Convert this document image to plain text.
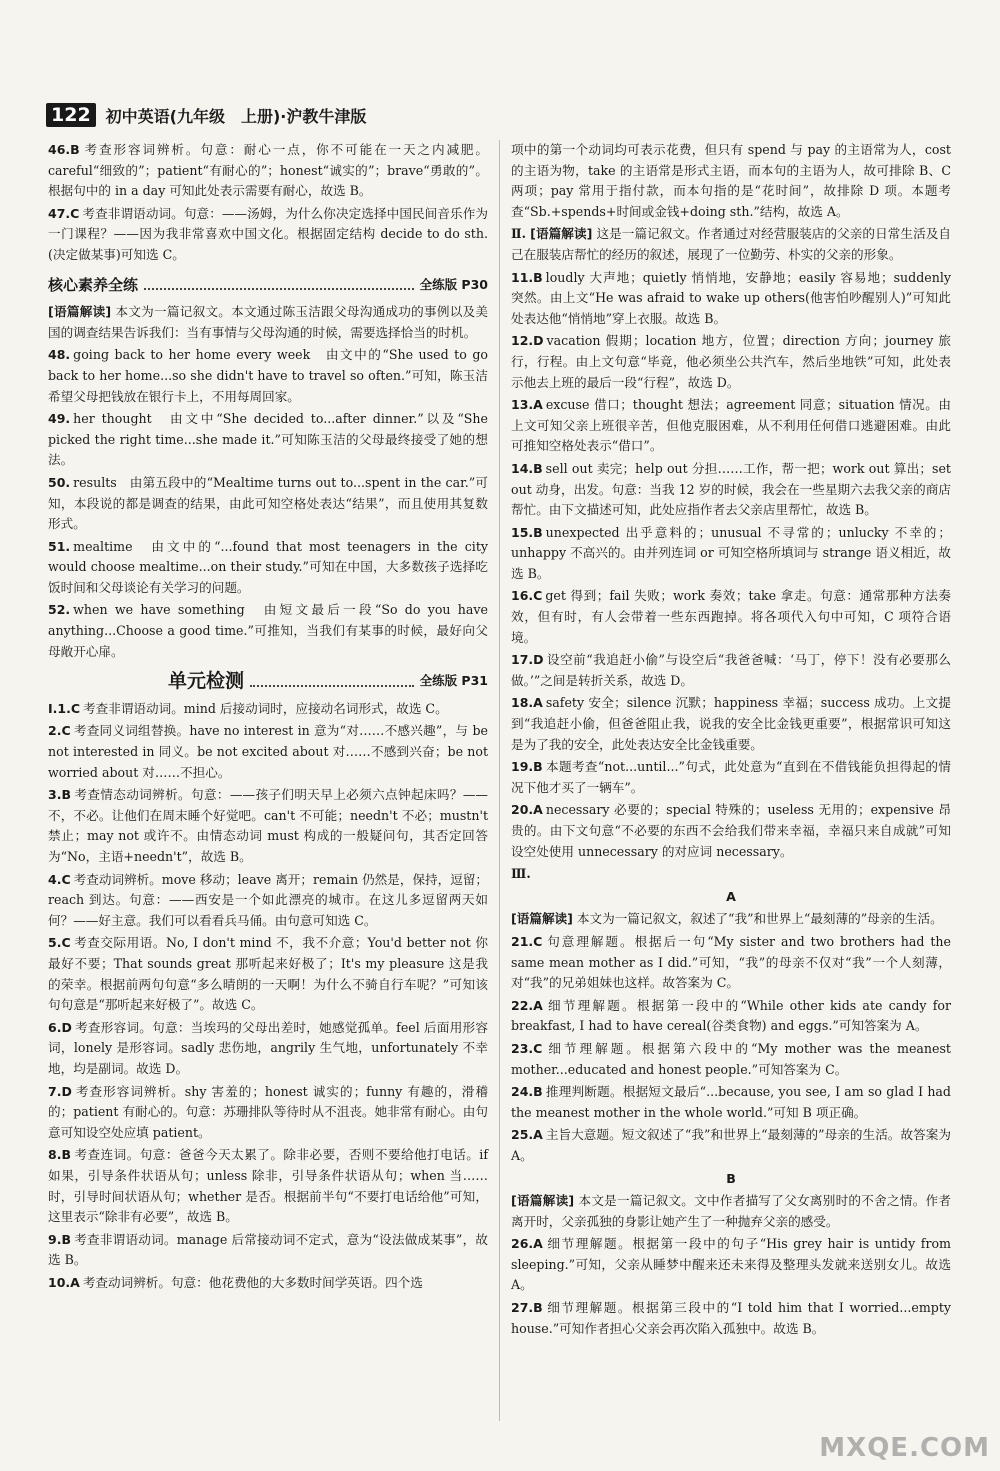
122 初中英语(九年级　上册)·沪教牛津版
46.B 考查形容词辨析。句意：耐心一点，你不可能在一天之内减肥。careful“细致的”；patient“有耐心的”；honest“诚实的”；brave“勇敢的”。根据句中的 in a day 可知此处表示需要有耐心，故选 B。
47.C 考查非谓语动词。句意：——汤姆，为什么你决定选择中国民间音乐作为一门课程？——因为我非常喜欢中国文化。根据固定结构 decide to do sth.(决定做某事)可知选 C。
核心素养全练	全练版 P30
[语篇解读] 本文为一篇记叙文。本文通过陈玉洁跟父母沟通成功的事例以及美国的调查结果告诉我们：当有事情与父母沟通的时候，需要选择恰当的时机。
48. going back to her home every week　由文中的“She used to go back to her home...so she didn't have to travel so often.”可知，陈玉洁希望父母把钱放在银行卡上，不用每周回家。
49. her thought　由文中“She decided to...after dinner.”以及“She picked the right time...she made it.”可知陈玉洁的父母最终接受了她的想法。
50. results　由第五段中的“Mealtime turns out to...spent in the car.”可知，本段说的都是调查的结果，由此可知空格处表达“结果”，而且使用其复数形式。
51. mealtime　由文中的“...found that most teenagers in the city would choose mealtime...on their study.”可知在中国，大多数孩子选择吃饭时间和父母谈论有关学习的问题。
52. when we have something　由短文最后一段“So do you have anything...Choose a good time.”可推知，当我们有某事的时候，最好向父母敞开心扉。
单元检测	全练版 P31
Ⅰ.1.C 考查非谓语动词。mind 后接动词时，应接动名词形式，故选 C。
2.C 考查同义词组替换。have no interest in 意为“对……不感兴趣”，与 be not interested in 同义。be not excited about 对……不感到兴奋；be not worried about 对……不担心。
3.B 考查情态动词辨析。句意：——孩子们明天早上必须六点钟起床吗？——不，不必。让他们在周末睡个好觉吧。can't 不可能；needn't 不必；mustn't 禁止；may not 或许不。由情态动词 must 构成的一般疑问句，其否定回答为“No，主语+needn't”，故选 B。
4.C 考查动词辨析。move 移动；leave 离开；remain 仍然是，保持，逗留；reach 到达。句意：——西安是一个如此漂亮的城市。在这儿多逗留两天如何？——好主意。我们可以看看兵马俑。由句意可知选 C。
5.C 考查交际用语。No, I don't mind 不，我不介意；You'd better not 你最好不要；That sounds great 那听起来好极了；It's my pleasure 这是我的荣幸。根据前两句句意“多么晴朗的一天啊！为什么不骑自行车呢？”可知该句句意是“那听起来好极了”。故选 C。
6.D 考查形容词。句意：当埃玛的父母出差时，她感觉孤单。feel 后面用形容词，lonely 是形容词。sadly 悲伤地，angrily 生气地，unfortunately 不幸地，均是副词。故选 D。
7.D 考查形容词辨析。shy 害羞的；honest 诚实的；funny 有趣的，滑稽的；patient 有耐心的。句意：苏珊排队等待时从不沮丧。她非常有耐心。由句意可知设空处应填 patient。
8.B 考查连词。句意：爸爸今天太累了。除非必要，否则不要给他打电话。if 如果，引导条件状语从句；unless 除非，引导条件状语从句；when 当……时，引导时间状语从句；whether 是否。根据前半句“不要打电话给他”可知，这里表示“除非有必要”，故选 B。
9.B 考查非谓语动词。manage 后常接动词不定式，意为“设法做成某事”，故选 B。
10.A 考查动词辨析。句意：他花费他的大多数时间学英语。四个选
项中的第一个动词均可表示花费，但只有 spend 与 pay 的主语常为人，cost 的主语为物，take 的主语常是形式主语，而本句的主语为人，故可排除 B、C 两项；pay 常用于指付款，而本句指的是“花时间”，故排除 D 项。本题考查“Sb.+spends+时间或金钱+doing sth.”结构，故选 A。
Ⅱ. [语篇解读] 这是一篇记叙文。作者通过对经营服装店的父亲的日常生活及自己在服装店帮忙的经历的叙述，展现了一位勤劳、朴实的父亲的形象。
11.B loudly 大声地；quietly 悄悄地，安静地；easily 容易地；suddenly 突然。由上文“He was afraid to wake up others(他害怕吵醒别人)”可知此处表达他“悄悄地”穿上衣服。故选 B。
12.D vacation 假期；location 地方，位置；direction 方向；journey 旅行，行程。由上文句意“毕竟，他必须坐公共汽车，然后坐地铁”可知，此处表示他去上班的最后一段“行程”，故选 D。
13.A excuse 借口；thought 想法；agreement 同意；situation 情况。由上文可知父亲上班很辛苦，但他克服困难，从不利用任何借口逃避困难。由此可推知空格处表示“借口”。
14.B sell out 卖完；help out 分担……工作，帮一把；work out 算出；set out 动身，出发。句意：当我 12 岁的时候，我会在一些星期六去我父亲的商店帮忙。由下文描述可知，此处应指作者去父亲店里帮忙，故选 B。
15.B unexpected 出乎意料的；unusual 不寻常的；unlucky 不幸的；unhappy 不高兴的。由并列连词 or 可知空格所填词与 strange 语义相近，故选 B。
16.C get 得到；fail 失败；work 奏效；take 拿走。句意：通常那种方法奏效，但有时，有人会带着一些东西跑掉。将各项代入句中可知，C 项符合语境。
17.D 设空前“我追赶小偷”与设空后“我爸爸喊：‘马丁，停下！没有必要那么做。’”之间是转折关系，故选 D。
18.A safety 安全；silence 沉默；happiness 幸福；success 成功。上文提到“我追赶小偷，但爸爸阻止我，说我的安全比金钱更重要”，根据常识可知这是为了我的安全，此处表达安全比金钱重要。
19.B 本题考查“not...until...”句式，此处意为“直到在不借钱能负担得起的情况下他才买了一辆车”。
20.A necessary 必要的；special 特殊的；useless 无用的；expensive 昂贵的。由下文句意“不必要的东西不会给我们带来幸福，幸福只来自成就”可知设空处使用 unnecessary 的对应词 necessary。
Ⅲ.
A
[语篇解读] 本文为一篇记叙文，叙述了“我”和世界上“最刻薄的”母亲的生活。
21.C 句意理解题。根据后一句“My sister and two brothers had the same mean mother as I did.”可知，“我”的母亲不仅对“我”一个人刻薄，对“我”的兄弟姐妹也这样。故答案为 C。
22.A 细节理解题。根据第一段中的“While other kids ate candy for breakfast, I had to have cereal(谷类食物) and eggs.”可知答案为 A。
23.C 细节理解题。根据第六段中的“My mother was the meanest mother...educated and honest people.”可知答案为 C。
24.B 推理判断题。根据短文最后“...because, you see, I am so glad I had the meanest mother in the whole world.”可知 B 项正确。
25.A 主旨大意题。短文叙述了“我”和世界上“最刻薄的”母亲的生活。故答案为 A。
B
[语篇解读] 本文是一篇记叙文。文中作者描写了父女离别时的不舍之情。作者离开时，父亲孤独的身影让她产生了一种抛弃父亲的感受。
26.A 细节理解题。根据第一段中的句子“His grey hair is untidy from sleeping.”可知，父亲从睡梦中醒来还未来得及整理头发就来送别女儿。故选 A。
27.B 细节理解题。根据第三段中的“I told him that I worried...empty house.”可知作者担心父亲会再次陷入孤独中。故选 B。
MXQE.COM
